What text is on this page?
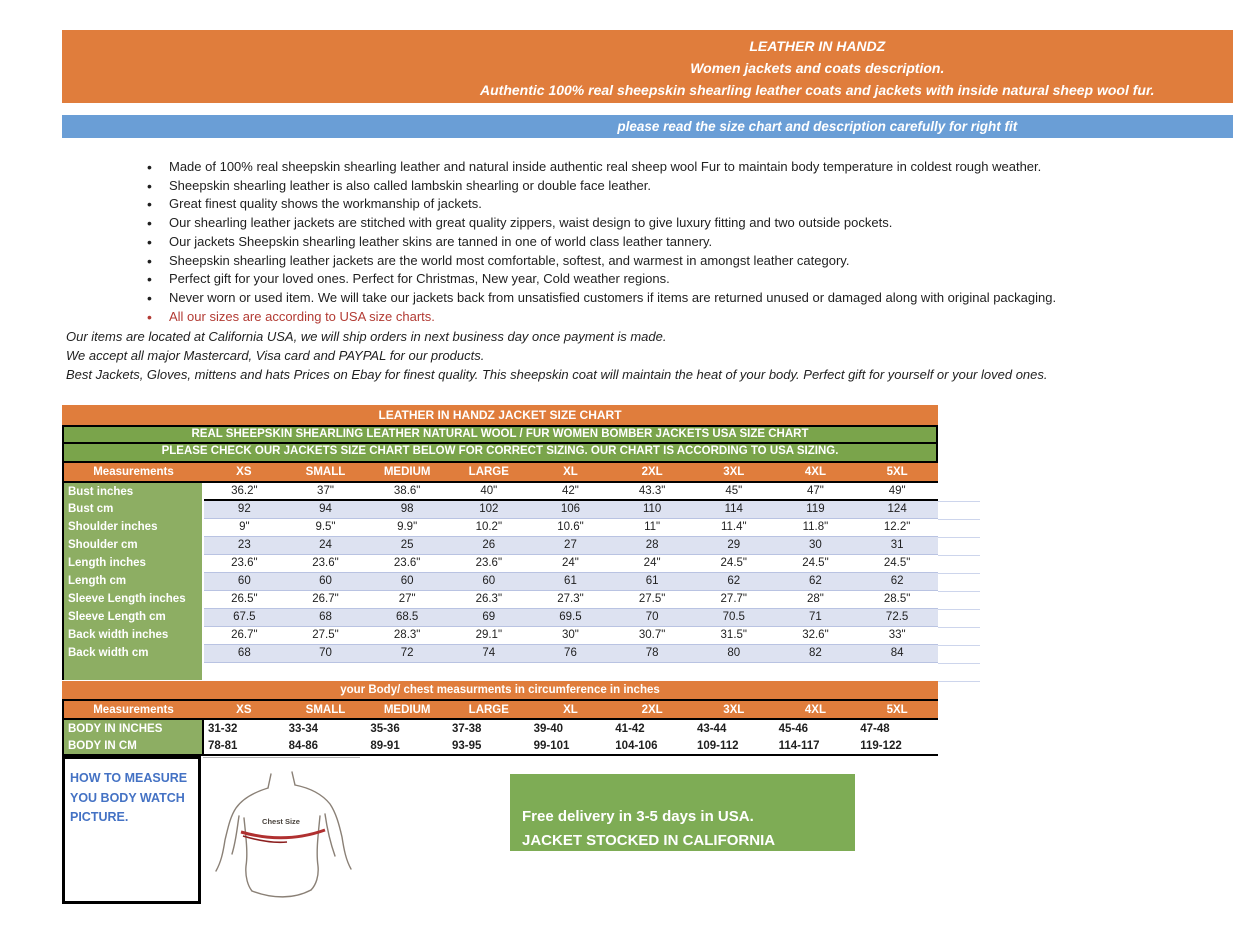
LEATHER IN HANDZ
Women jackets and coats description.
Authentic 100% real sheepskin shearling leather coats and jackets with inside natural sheep wool fur.
please read the size chart and description carefully for right fit
• Made of 100% real sheepskin shearling leather and natural inside authentic real sheep wool Fur to maintain body temperature in coldest rough weather.
• Sheepskin shearling leather is also called lambskin shearling or double face leather.
• Great finest quality shows the workmanship of jackets.
• Our shearling leather jackets are stitched with great quality zippers, waist design to give luxury fitting and two outside pockets.
• Our jackets Sheepskin shearling leather skins are tanned in one of world class leather tannery.
• Sheepskin shearling leather jackets are the world most comfortable, softest, and warmest in amongst leather category.
• Perfect gift for your loved ones. Perfect for Christmas, New year, Cold weather regions.
• Never worn or used item. We will take our jackets back from unsatisfied customers if items are returned unused or damaged along with original packaging.
• All our sizes are according to USA size charts.
Our items are located at California USA, we will ship orders in next business day once payment is made.
We accept all major Mastercard, Visa card and PAYPAL for our products.
Best Jackets, Gloves, mittens and hats Prices on Ebay for finest quality. This sheepskin coat will maintain the heat of your body. Perfect gift for yourself or your loved ones.
LEATHER IN HANDZ JACKET SIZE CHART
REAL SHEEPSKIN SHEARLING LEATHER NATURAL WOOL / FUR WOMEN BOMBER JACKETS USA SIZE CHART
PLEASE CHECK OUR JACKETS SIZE CHART BELOW FOR CORRECT SIZING. OUR CHART IS ACCORDING TO USA SIZING.
Measurements	XS	SMALL	MEDIUM	LARGE	XL	2XL	3XL	4XL	5XL
Bust inches	36.2"	37"	38.6"	40"	42"	43.3"	45"	47"	49"
Bust cm	92	94	98	102	106	110	114	119	124
Shoulder inches	9"	9.5"	9.9"	10.2"	10.6"	11"	11.4"	11.8"	12.2"
Shoulder cm	23	24	25	26	27	28	29	30	31
Length inches	23.6"	23.6"	23.6"	23.6"	24"	24"	24.5"	24.5"	24.5"
Length cm	60	60	60	60	61	61	62	62	62
Sleeve Length inches	26.5"	26.7"	27"	26.3"	27.3"	27.5"	27.7"	28"	28.5"
Sleeve Length cm	67.5	68	68.5	69	69.5	70	70.5	71	72.5
Back width inches	26.7"	27.5"	28.3"	29.1"	30"	30.7"	31.5"	32.6"	33"
Back width cm	68	70	72	74	76	78	80	82	84

your Body/ chest measurments in circumference in inches
Measurements	XS	SMALL	MEDIUM	LARGE	XL	2XL	3XL	4XL	5XL
BODY IN INCHES	31-32	33-34	35-36	37-38	39-40	41-42	43-44	45-46	47-48
BODY IN CM	78-81	84-86	89-91	93-95	99-101	104-106	109-112	114-117	119-122
HOW TO MEASURE YOU BODY WATCH PICTURE.	Chest Size	Free delivery in 3-5 days in USA.
JACKET STOCKED IN CALIFORNIA
